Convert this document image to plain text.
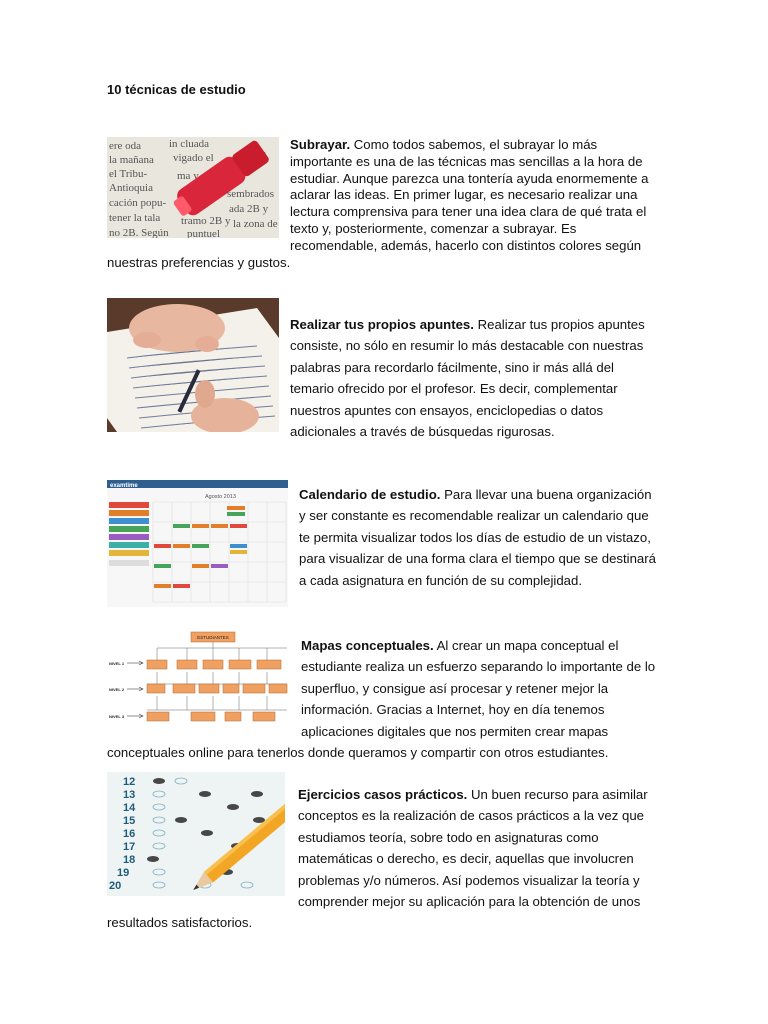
10 técnicas de estudio
ere oda	in cluada
la mañana vigado el
el Tribu-	ma y
Antioquia
cación popu-
tener la tala tramo 2B y
no 2B. Según puntuel
sembrados
ada 2B y
la zona de

Subrayar. Como todos sabemos, el subrayar lo más importante es una de las técnicas mas sencillas a la hora de estudiar. Aunque parezca una tontería ayuda enormemente a aclarar las ideas. En primer lugar, es necesario realizar una lectura comprensiva para tener una idea clara de qué trata el texto y, posteriormente, comenzar a subrayar. Es recomendable, además, hacerlo con distintos colores según nuestras preferencias y gustos.

Realizar tus propios apuntes. Realizar tus propios apuntes consiste, no sólo en resumir lo más destacable con nuestras palabras para recordarlo fácilmente, sino ir más allá del temario ofrecido por el profesor. Es decir, complementar nuestros apuntes con ensayos, enciclopedias o datos adicionales a través de búsquedas rigurosas.

examtime
Agosto 2013	Calendario de estudio. Para llevar una buena organización y ser constante es recomendable realizar un calendario que te permita visualizar todos los días de estudio de un vistazo, para visualizar de una forma clara el tiempo que se destinará a cada asignatura en función de su complejidad.

ESTUDIANTES
NIVEL 1
NIVEL 2
NIVEL 3

Mapas conceptuales. Al crear un mapa conceptual el estudiante realiza un esfuerzo separando lo importante de lo superfluo, y consigue así procesar y retener mejor la información. Gracias a Internet, hoy en día tenemos aplicaciones digitales que nos permiten crear mapas conceptuales online para tenerlos donde queramos y compartir con otros estudiantes.

12
13
14
15
16
17
18
19
20

Ejercicios casos prácticos. Un buen recurso para asimilar conceptos es la realización de casos prácticos a la vez que estudiamos teoría, sobre todo en asignaturas como matemáticas o derecho, es decir, aquellas que involucren problemas y/o números. Así podemos visualizar la teoría y comprender mejor su aplicación para la obtención de unos resultados satisfactorios.
